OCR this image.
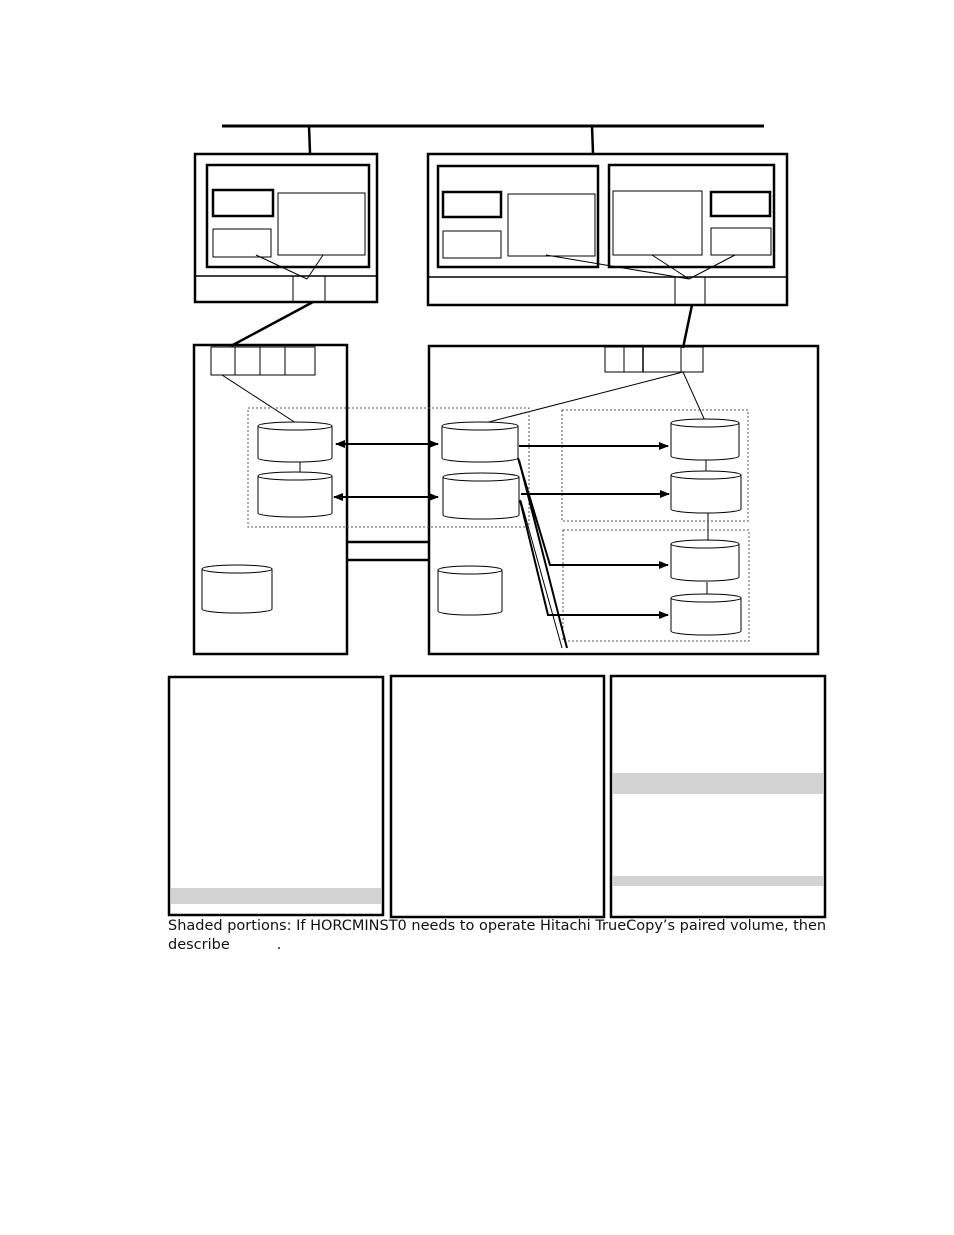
Shaded portions: If HORCMINST0 needs to operate Hitachi TrueCopy’s paired volume, then
describe	.
